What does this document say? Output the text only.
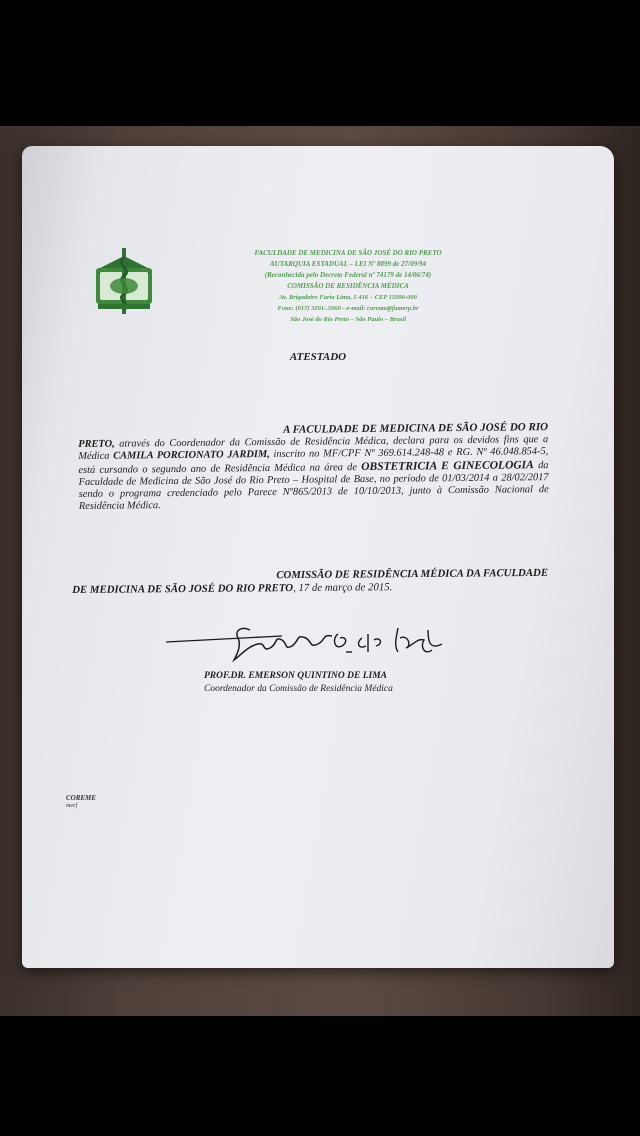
FACULDADE DE MEDICINA DE SÃO JOSÉ DO RIO PRETO
AUTARQUIA ESTADUAL – LEI Nº 8899 de 27/09/94
(Reconhecida pelo Decreto Federal nº 74179 de 14/06/74)
COMISSÃO DE RESIDÊNCIA MÉDICA
Av. Brigadeiro Faria Lima, 5 416 – CEP 15090-000
Fone: (017) 3201-.5060 - e-mail: coreme@famerp.br
São José do Rio Preto – São Paulo – Brasil
ATESTADO
A FACULDADE DE MEDICINA DE SÃO JOSÉ DO RIO
PRETO, através do Coordenador da Comissão de Residência Médica, declara para os devidos fins que a Médica CAMILA PORCIONATO JARDIM, inscrito no MF/CPF Nº 369.614.248-48 e RG. Nº 46.048.854-5, está cursando o segundo ano de Residência Médica na área de OBSTETRICIA E GINECOLOGIA da Faculdade de Medicina de São José do Rio Preto – Hospital de Base, no período de 01/03/2014 a 28/02/2017 sendo o programa credenciado pelo Parece Nº865/2013 de 10/10/2013, junto à Comissão Nacional de Residência Médica.
COMISSÃO DE RESIDÊNCIA MÉDICA DA FACULDADE
DE MEDICINA DE SÃO JOSÉ DO RIO PRETO, 17 de março de 2015.
PROF.DR. EMERSON QUINTINO DE LIMA
Coordenador da Comissão de Residência Médica
COREME
mecf
